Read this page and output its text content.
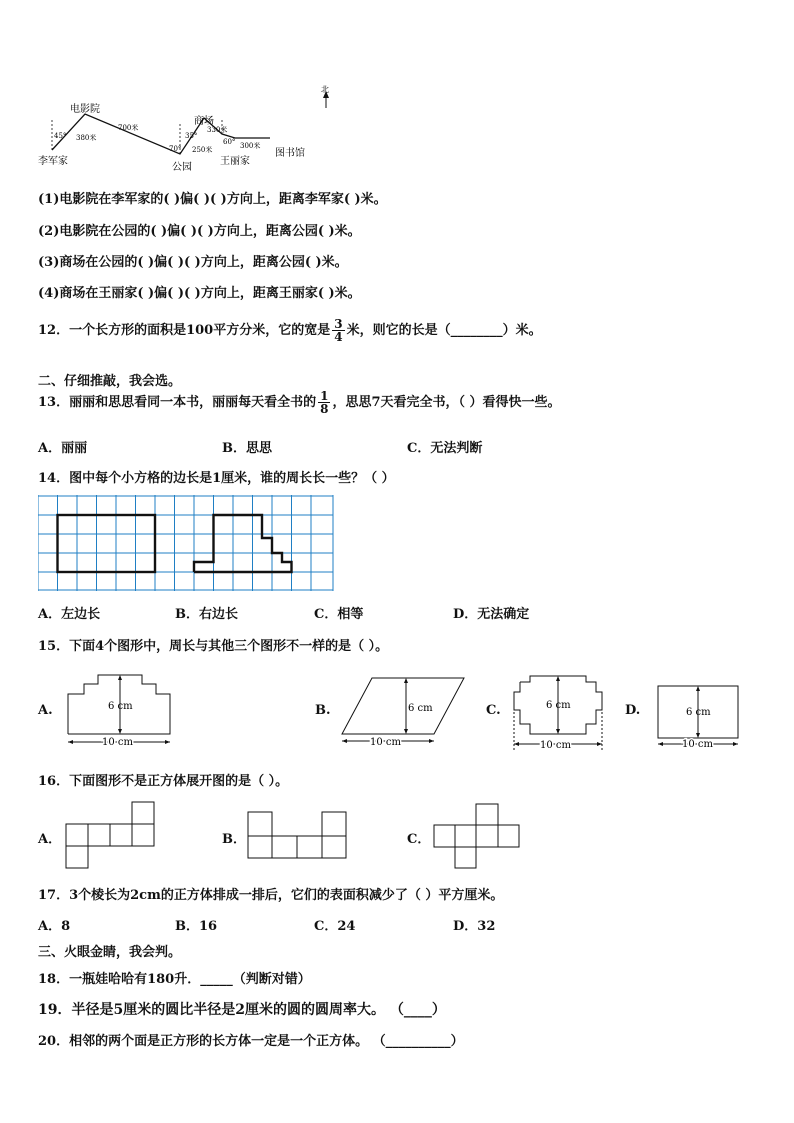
北
电影院
李军家
公园
商场
王丽家
图书馆
45°
70°
35°
60°
380米
700米
250米
330米
300米
(1)电影院在李军家的( )偏( )( )方向上，距离李军家( )米。
(2)电影院在公园的( )偏( )( )方向上，距离公园( )米。
(3)商场在公园的( )偏( )( )方向上，距离公园( )米。
(4)商场在王丽家( )偏( )( )方向上，距离王丽家( )米。
12．一个长方形的面积是100平方分米，它的宽是 $\frac{3}{4}$ 米，则它的长是（________）米。
二、仔细推敲，我会选。
13．丽丽和思思看同一本书，丽丽每天看全书的 $\frac{1}{8}$ ，思思7天看完全书，（ ）看得快一些。
A．丽丽	B．思思	C．无法判断
14．图中每个小方格的边长是1厘米，谁的周长长一些？（ ）
A．左边长	B．右边长	C．相等	D．无法确定
15．下面4个图形中，周长与其他三个图形不一样的是（ ）。
A.	6 cm
10 cm
B.	6 cm
10 cm
C.	6 cm
10 cm
D.	6 cm
10 cm
16．下面图形不是正方体展开图的是（ ）。
A．	B．	C．
17．3个棱长为2cm的正方体排成一排后，它们的表面积减少了（ ）平方厘米。
A．8	B．16	C．24	D．32
三、火眼金睛，我会判。
18．一瓶娃哈哈有180升．_____（判断对错）
19．半径是5厘米的圆比半径是2厘米的圆的圆周率大。 （____）
20．相邻的两个面是正方形的长方体一定是一个正方体。 （__________）
